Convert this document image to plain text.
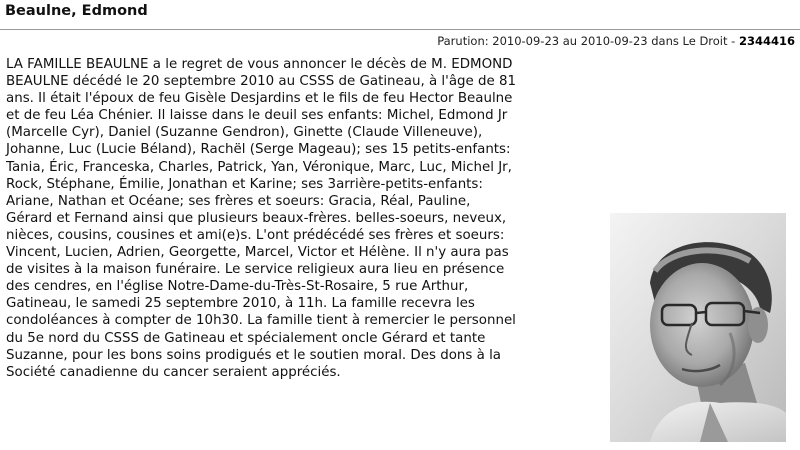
Beaulne, Edmond
Parution: 2010-09-23 au 2010-09-23 dans Le Droit - 2344416
LA FAMILLE BEAULNE a le regret de vous annoncer le décès de M. EDMOND
BEAULNE décédé le 20 septembre 2010 au CSSS de Gatineau, à l'âge de 81
ans. Il était l'époux de feu Gisèle Desjardins et le fils de feu Hector Beaulne
et de feu Léa Chénier. Il laisse dans le deuil ses enfants: Michel, Edmond Jr
(Marcelle Cyr), Daniel (Suzanne Gendron), Ginette (Claude Villeneuve),
Johanne, Luc (Lucie Béland), Rachël (Serge Mageau); ses 15 petits-enfants:
Tania, Éric, Franceska, Charles, Patrick, Yan, Véronique, Marc, Luc, Michel Jr,
Rock, Stéphane, Émilie, Jonathan et Karine; ses 3arrière-petits-enfants:
Ariane, Nathan et Océane; ses frères et soeurs: Gracia, Réal, Pauline,
Gérard et Fernand ainsi que plusieurs beaux-frères. belles-soeurs, neveux,
nièces, cousins, cousines et ami(e)s. L'ont prédécédé ses frères et soeurs:
Vincent, Lucien, Adrien, Georgette, Marcel, Victor et Hélène. Il n'y aura pas
de visites à la maison funéraire. Le service religieux aura lieu en présence
des cendres, en l'église Notre-Dame-du-Très-St-Rosaire, 5 rue Arthur,
Gatineau, le samedi 25 septembre 2010, à 11h. La famille recevra les
condoléances à compter de 10h30. La famille tient à remercier le personnel
du 5e nord du CSSS de Gatineau et spécialement oncle Gérard et tante
Suzanne, pour les bons soins prodigués et le soutien moral. Des dons à la
Société canadienne du cancer seraient appréciés.
